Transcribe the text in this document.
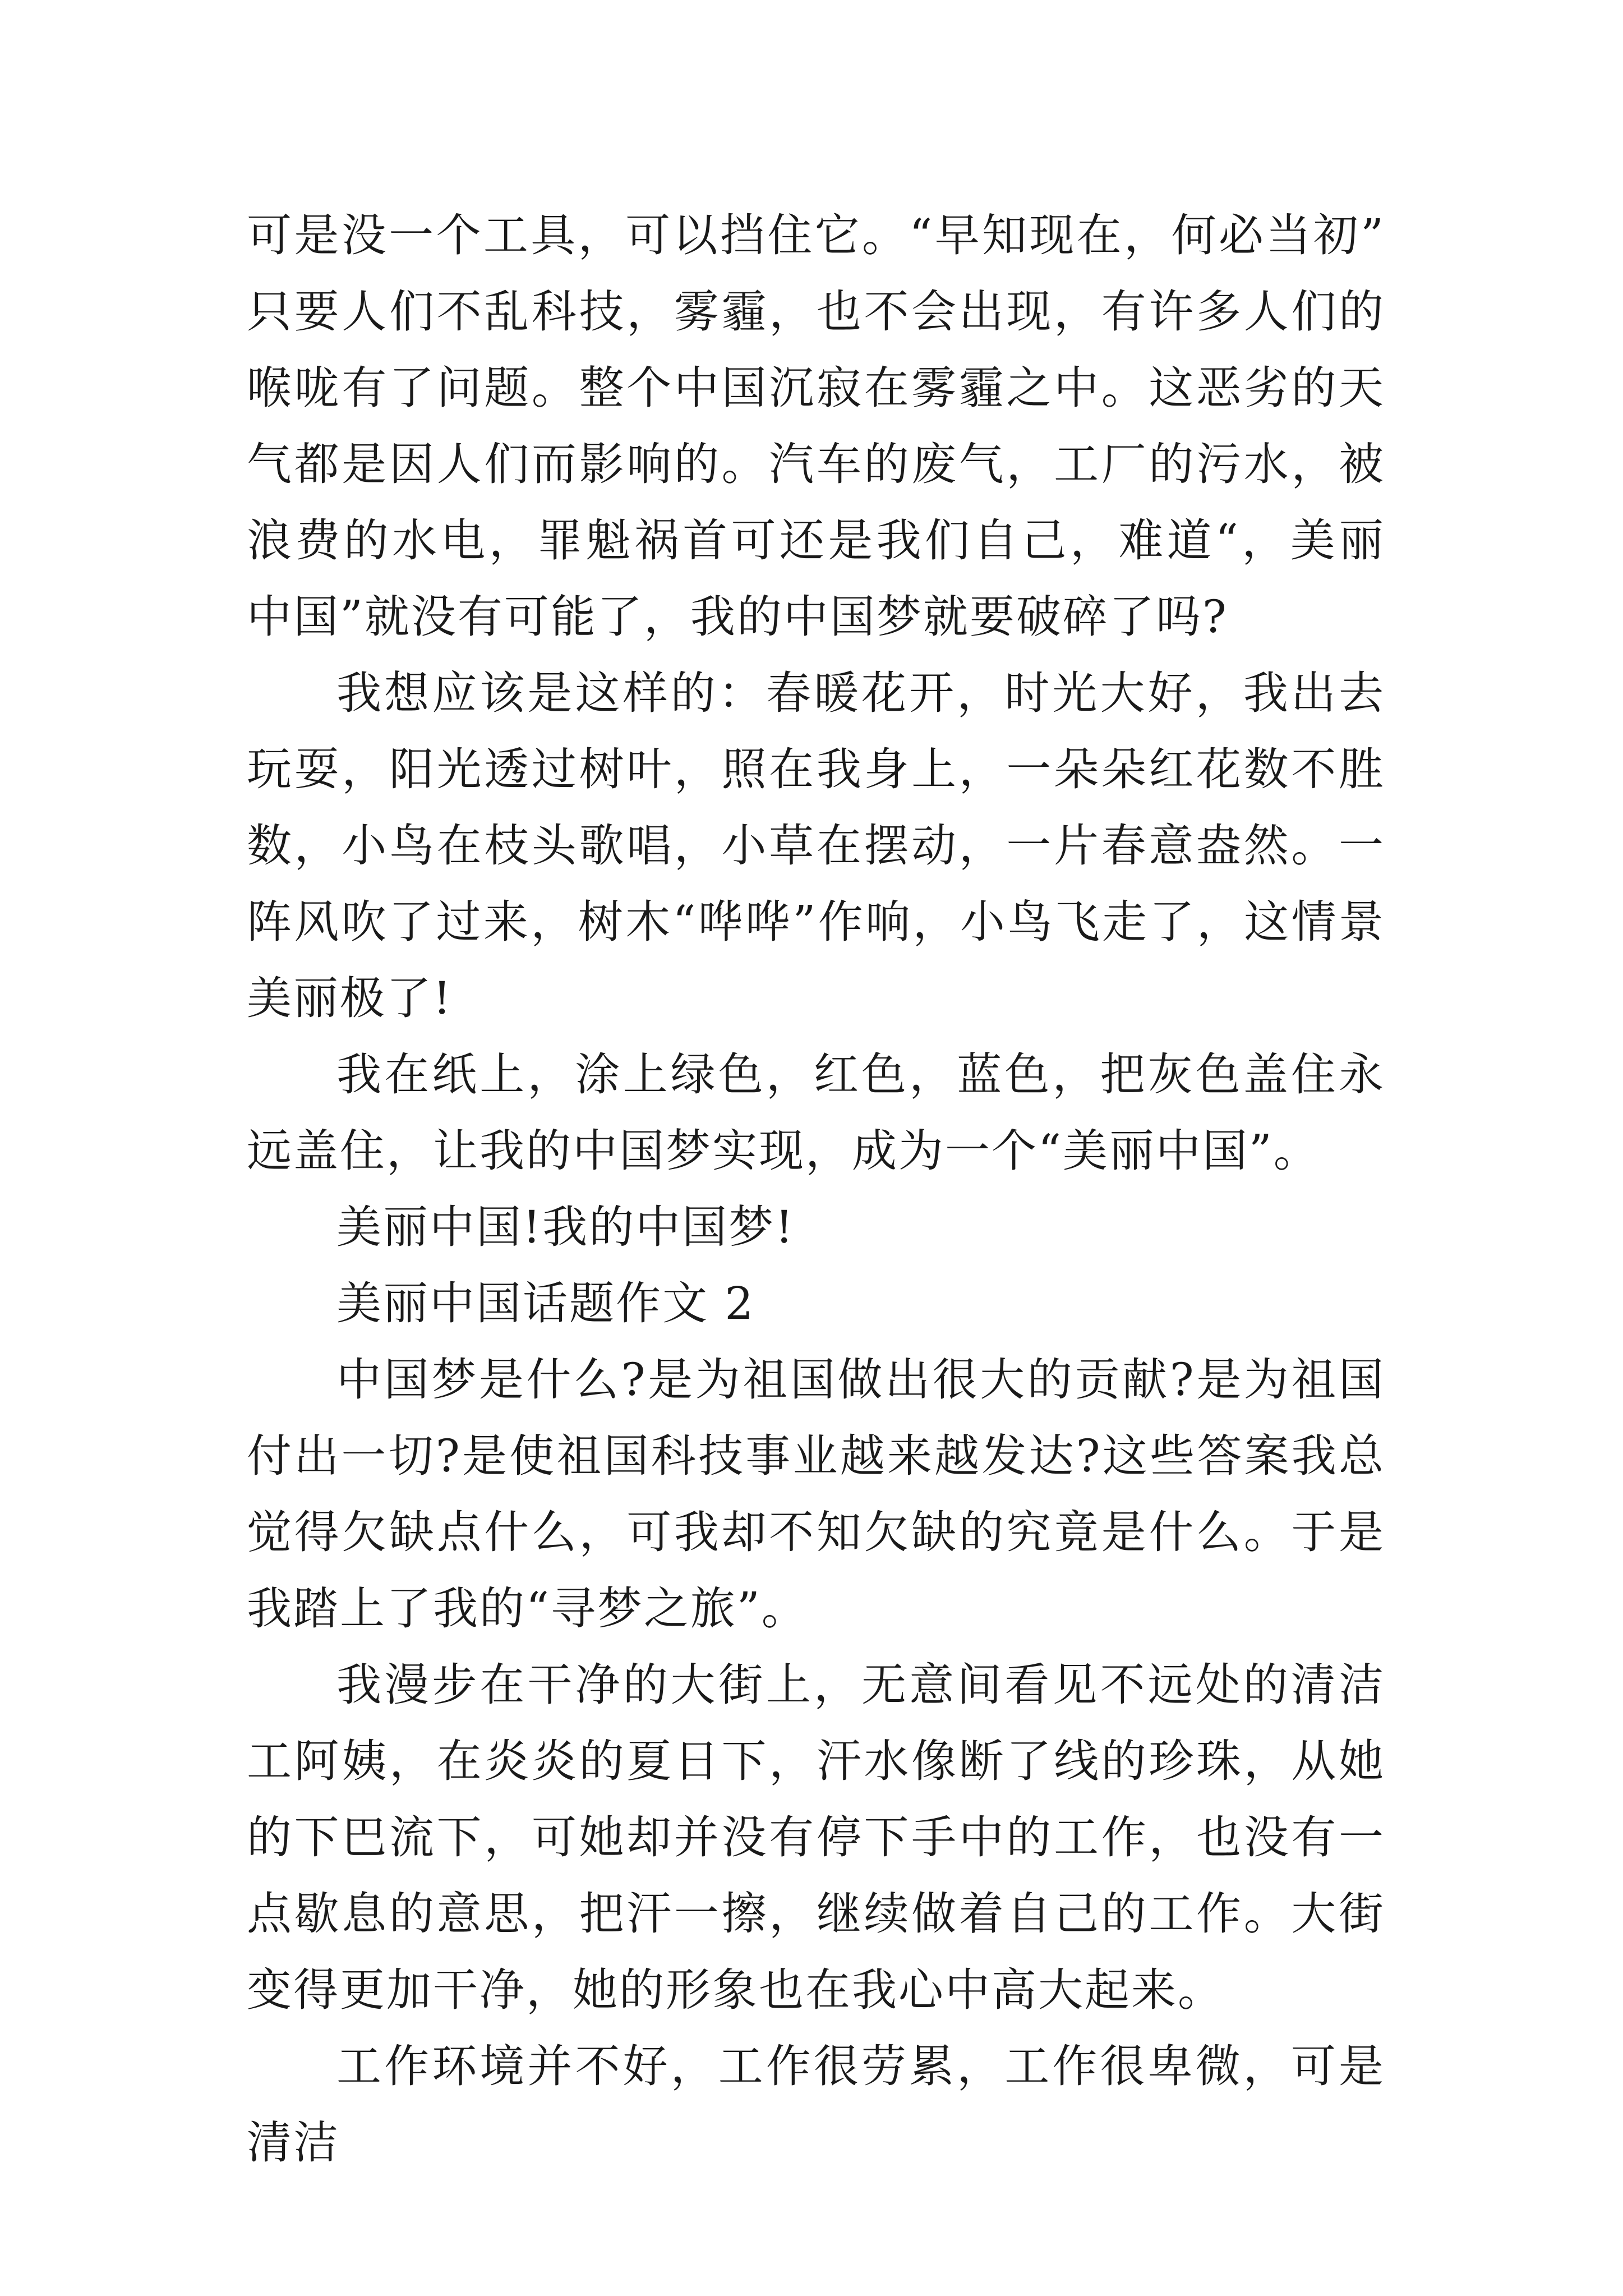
可是没一个工具，可以挡住它。“早知现在，何必当初”只要人们不乱科技，雾霾，也不会出现，有许多人们的喉咙有了问题。整个中国沉寂在雾霾之中。这恶劣的天气都是因人们而影响的。汽车的废气，工厂的污水，被浪费的水电，罪魁祸首可还是我们自己，难道“，美丽中国”就没有可能了，我的中国梦就要破碎了吗?

我想应该是这样的：春暖花开，时光大好，我出去玩耍，阳光透过树叶，照在我身上，一朵朵红花数不胜数，小鸟在枝头歌唱，小草在摆动，一片春意盎然。一阵风吹了过来，树木“哗哗”作响，小鸟飞走了，这情景美丽极了!

我在纸上，涂上绿色，红色，蓝色，把灰色盖住永远盖住，让我的中国梦实现，成为一个“美丽中国”。

美丽中国!我的中国梦!

美丽中国话题作文 2

中国梦是什么?是为祖国做出很大的贡献?是为祖国付出一切?是使祖国科技事业越来越发达?这些答案我总觉得欠缺点什么，可我却不知欠缺的究竟是什么。于是我踏上了我的“寻梦之旅”。

我漫步在干净的大街上，无意间看见不远处的清洁工阿姨，在炎炎的夏日下，汗水像断了线的珍珠，从她的下巴流下，可她却并没有停下手中的工作，也没有一点歇息的意思，把汗一擦，继续做着自己的工作。大街变得更加干净，她的形象也在我心中高大起来。

工作环境并不好，工作很劳累，工作很卑微，可是清洁
